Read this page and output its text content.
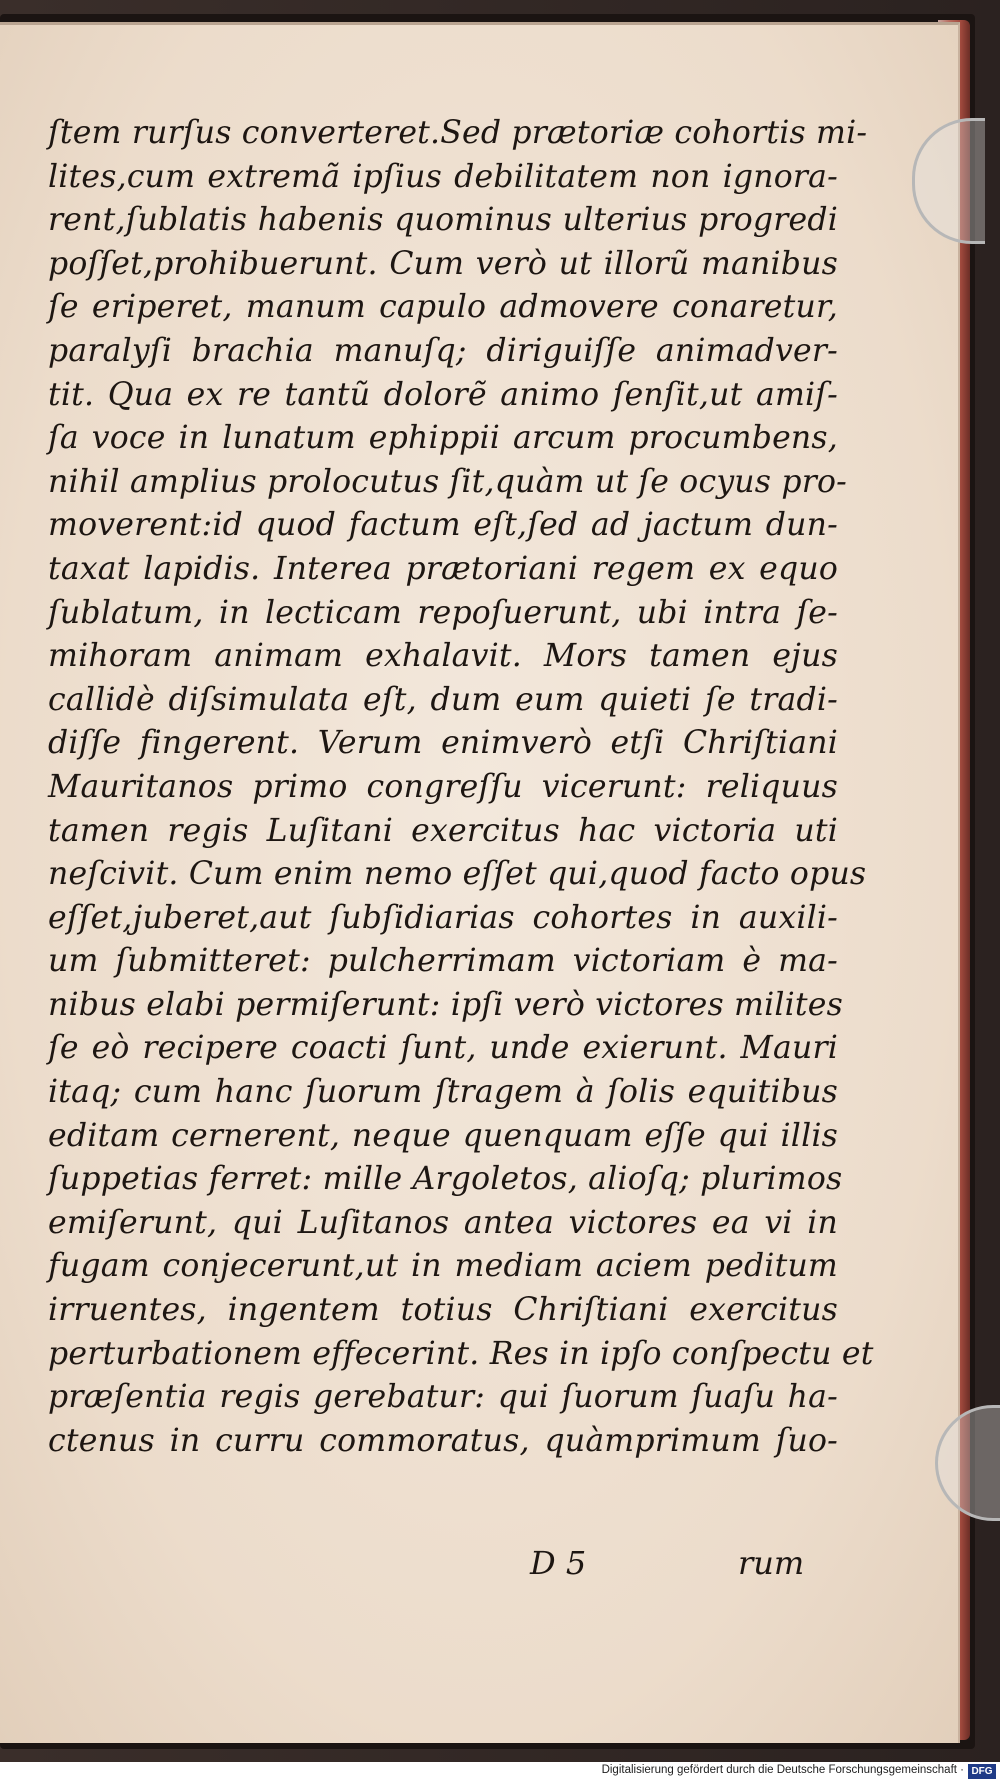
ſtem rurſus converteret.Sed prætoriæ cohortis mi-
lites,cum extremã ipſius debilitatem non ignora-
rent,ſublatis habenis quominus ulterius progredi
poſſet,prohibuerunt. Cum verò ut illorũ manibus
ſe eriperet, manum capulo admovere conaretur,
paralyſi brachia manuſq; diriguiſſe animadver-
tit. Qua ex re tantũ dolorẽ animo ſenſit,ut amiſ-
ſa voce in lunatum ephippii arcum procumbens,
nihil amplius prolocutus ſit,quàm ut ſe ocyus pro-
moverent:id quod factum eſt,ſed ad jactum dun-
taxat lapidis. Interea prætoriani regem ex equo
ſublatum, in lecticam repoſuerunt, ubi intra ſe-
mihoram animam exhalavit. Mors tamen ejus
callidè diſsimulata eſt, dum eum quieti ſe tradi-
diſſe fingerent. Verum enimverò etſi Chriſtiani
Mauritanos primo congreſſu vicerunt: reliquus
tamen regis Luſitani exercitus hac victoria uti
neſcivit. Cum enim nemo eſſet qui,quod facto opus
eſſet,juberet,aut ſubſidiarias cohortes in auxili-
um ſubmitteret: pulcherrimam victoriam è ma-
nibus elabi permiſerunt: ipſi verò victores milites
ſe eò recipere coacti ſunt, unde exierunt. Mauri
itaq; cum hanc ſuorum ſtragem à ſolis equitibus
editam cernerent, neque quenquam eſſe qui illis
ſuppetias ferret: mille Argoletos, alioſq; plurimos
emiſerunt, qui Luſitanos antea victores ea vi in
fugam conjecerunt,ut in mediam aciem peditum
irruentes, ingentem totius Chriſtiani exercitus
perturbationem effecerint. Res in ipſo conſpectu et
præſentia regis gerebatur: qui ſuorum ſuaſu ha-
ctenus in curru commoratus, quàmprimum ſuo-
D 5	rum
Digitalisierung gefördert durch die Deutsche Forschungsgemeinschaft · DFG
